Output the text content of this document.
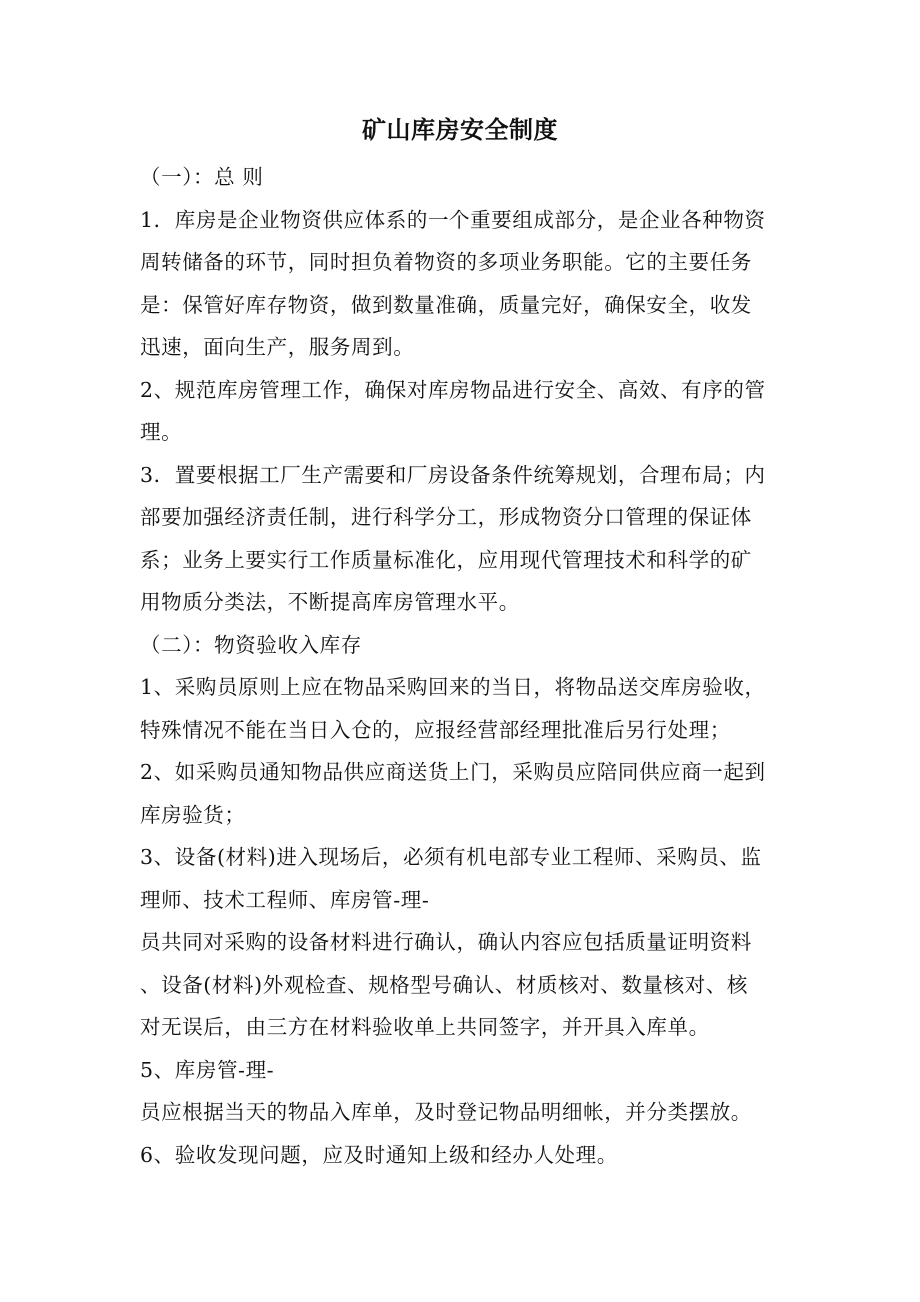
矿山库房安全制度
（一）：总 则
1．库房是企业物资供应体系的一个重要组成部分，是企业各种物资
周转储备的环节，同时担负着物资的多项业务职能。它的主要任务
是：保管好库存物资，做到数量准确，质量完好，确保安全，收发
迅速，面向生产，服务周到。
2、规范库房管理工作，确保对库房物品进行安全、高效、有序的管
理。
3．置要根据工厂生产需要和厂房设备条件统筹规划，合理布局；内
部要加强经济责任制，进行科学分工，形成物资分口管理的保证体
系；业务上要实行工作质量标准化，应用现代管理技术和科学的矿
用物质分类法，不断提高库房管理水平。
（二）：物资验收入库存
1、采购员原则上应在物品采购回来的当日，将物品送交库房验收，
特殊情况不能在当日入仓的，应报经营部经理批准后另行处理；
2、如采购员通知物品供应商送货上门，采购员应陪同供应商一起到
库房验货；
3、设备(材料)进入现场后，必须有机电部专业工程师、采购员、监
理师、技术工程师、库房管-理-
员共同对采购的设备材料进行确认，确认内容应包括质量证明资料
、设备(材料)外观检查、规格型号确认、材质核对、数量核对、核
对无误后，由三方在材料验收单上共同签字，并开具入库单。
5、库房管-理-
员应根据当天的物品入库单，及时登记物品明细帐，并分类摆放。
6、验收发现问题，应及时通知上级和经办人处理。
